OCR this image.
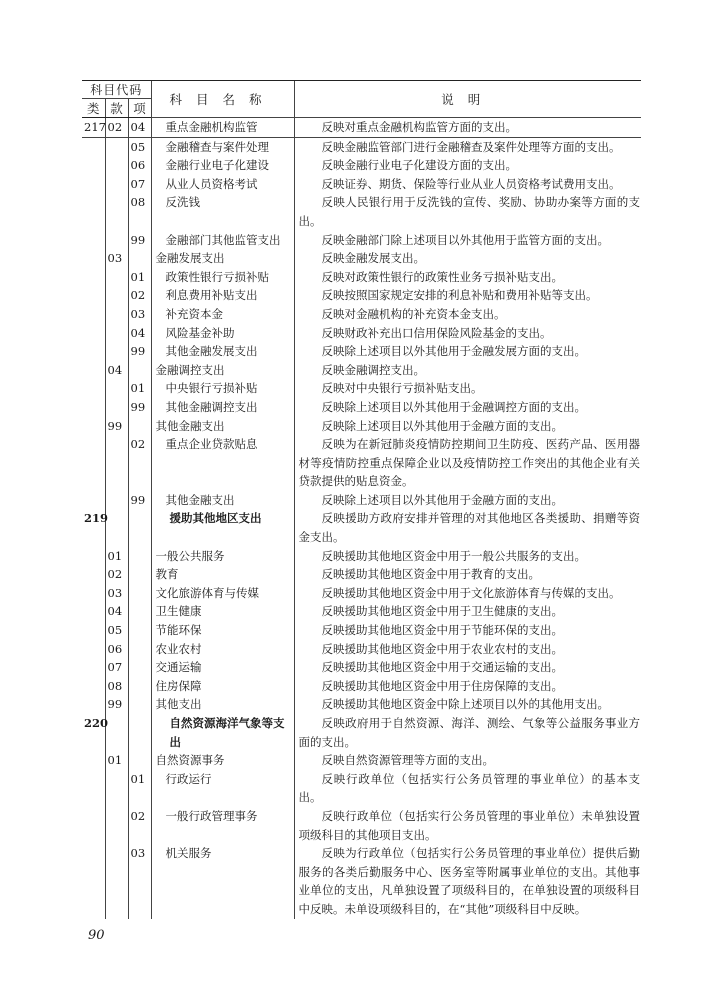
科目代码			科目名称	说明
类	款	项		
217	02	04	重点金融机构监管	反映对重点金融机构监管方面的支出。
		05	金融稽查与案件处理	反映金融监管部门进行金融稽查及案件处理等方面的支出。
		06	金融行业电子化建设	反映金融行业电子化建设方面的支出。
		07	从业人员资格考试	反映证券、期货、保险等行业从业人员资格考试费用支出。
		08	反洗钱	反映人民银行用于反洗钱的宣传、奖励、协助办案等方面的支出。
		99	金融部门其他监管支出	反映金融部门除上述项目以外其他用于监管方面的支出。
	03		金融发展支出	反映金融发展支出。
		01	政策性银行亏损补贴	反映对政策性银行的政策性业务亏损补贴支出。
		02	利息费用补贴支出	反映按照国家规定安排的利息补贴和费用补贴等支出。
		03	补充资本金	反映对金融机构的补充资本金支出。
		04	风险基金补助	反映财政补充出口信用保险风险基金的支出。
		99	其他金融发展支出	反映除上述项目以外其他用于金融发展方面的支出。
	04		金融调控支出	反映金融调控支出。
		01	中央银行亏损补贴	反映对中央银行亏损补贴支出。
		99	其他金融调控支出	反映除上述项目以外其他用于金融调控方面的支出。
	99		其他金融支出	反映除上述项目以外其他用于金融方面的支出。
		02	重点企业贷款贴息	反映为在新冠肺炎疫情防控期间卫生防疫、医药产品、医用器材等疫情防控重点保障企业以及疫情防控工作突出的其他企业有关贷款提供的贴息资金。
		99	其他金融支出	反映除上述项目以外其他用于金融方面的支出。
219			援助其他地区支出	反映援助方政府安排并管理的对其他地区各类援助、捐赠等资金支出。
	01		一般公共服务	反映援助其他地区资金中用于一般公共服务的支出。
	02		教育	反映援助其他地区资金中用于教育的支出。
	03		文化旅游体育与传媒	反映援助其他地区资金中用于文化旅游体育与传媒的支出。
	04		卫生健康	反映援助其他地区资金中用于卫生健康的支出。
	05		节能环保	反映援助其他地区资金中用于节能环保的支出。
	06		农业农村	反映援助其他地区资金中用于农业农村的支出。
	07		交通运输	反映援助其他地区资金中用于交通运输的支出。
	08		住房保障	反映援助其他地区资金中用于住房保障的支出。
	99		其他支出	反映援助其他地区资金中除上述项目以外的其他用支出。
220			自然资源海洋气象等支出	反映政府用于自然资源、海洋、测绘、气象等公益服务事业方面的支出。
	01		自然资源事务	反映自然资源管理等方面的支出。
		01	行政运行	反映行政单位（包括实行公务员管理的事业单位）的基本支出。
		02	一般行政管理事务	反映行政单位（包括实行公务员管理的事业单位）未单独设置项级科目的其他项目支出。
		03	机关服务	反映为行政单位（包括实行公务员管理的事业单位）提供后勤服务的各类后勤服务中心、医务室等附属事业单位的支出。其他事业单位的支出，凡单独设置了项级科目的，在单独设置的项级科目中反映。未单设项级科目的，在“其他”项级科目中反映。
90
